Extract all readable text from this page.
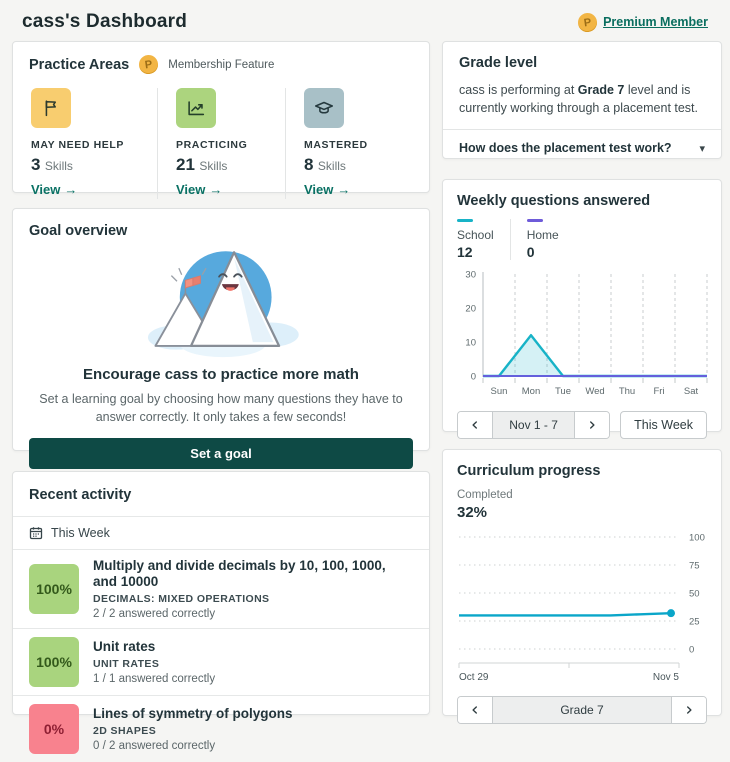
cass's Dashboard	P Premium Member
Practice Areas	P	Membership Feature
MAY NEED HELP
3 Skills
View →
PRACTICING
21 Skills
View →
MASTERED
8 Skills
View →
Goal overview
Encourage cass to practice more math
Set a learning goal by choosing how many questions they have to answer correctly. It only takes a few seconds!
Set a goal
Recent activity
This Week
100%
Multiply and divide decimals by 10, 100, 1000, and 10000
DECIMALS: MIXED OPERATIONS
2 / 2 answered correctly
100%
Unit rates
UNIT RATES
1 / 1 answered correctly
0%
Lines of symmetry of polygons
2D SHAPES
0 / 2 answered correctly
Grade level
cass is performing at Grade 7 level and is currently working through a placement test.
How does the placement test work?	▾
Weekly questions answered
School
12
Home
0
0
10
20
30
Sun Mon Tue Wed Thu Fri Sat
Nov 1 - 7	This Week
Curriculum progress
Completed
32%
0
25
50
75
100
Oct 29	Nov 5
Grade 7
